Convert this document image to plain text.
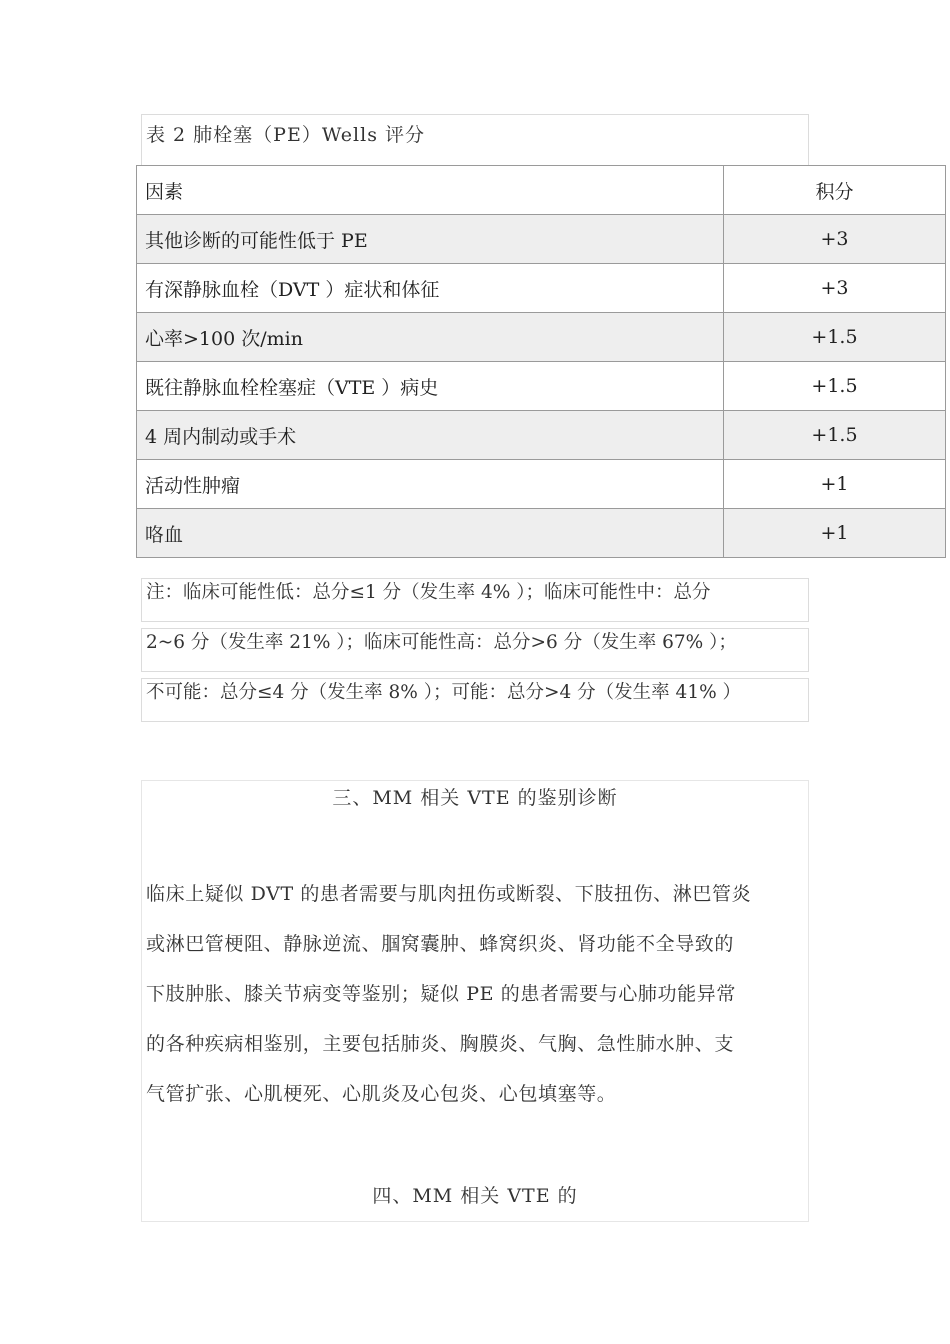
表 2 肺栓塞（PE）Wells 评分
因素	积分
其他诊断的可能性低于 PE	+3
有深静脉血栓（DVT ）症状和体征	+3
心率>100 次/min	+1.5
既往静脉血栓栓塞症（VTE ）病史	+1.5
4 周内制动或手术	+1.5
活动性肿瘤	+1
咯血	+1
注：临床可能性低：总分≤1 分（发生率 4% ）；临床可能性中：总分
2~6 分（发生率 21% ）；临床可能性高：总分>6 分（发生率 67% ）；
不可能：总分≤4 分（发生率 8% ）；可能：总分>4 分（发生率 41% ）
三、MM 相关 VTE 的鉴别诊断
临床上疑似 DVT 的患者需要与肌肉扭伤或断裂、下肢扭伤、淋巴管炎
或淋巴管梗阻、静脉逆流、腘窝囊肿、蜂窝织炎、肾功能不全导致的
下肢肿胀、膝关节病变等鉴别；疑似 PE 的患者需要与心肺功能异常
的各种疾病相鉴别，主要包括肺炎、胸膜炎、气胸、急性肺水肿、支
气管扩张、心肌梗死、心肌炎及心包炎、心包填塞等。
四、MM 相关 VTE 的
